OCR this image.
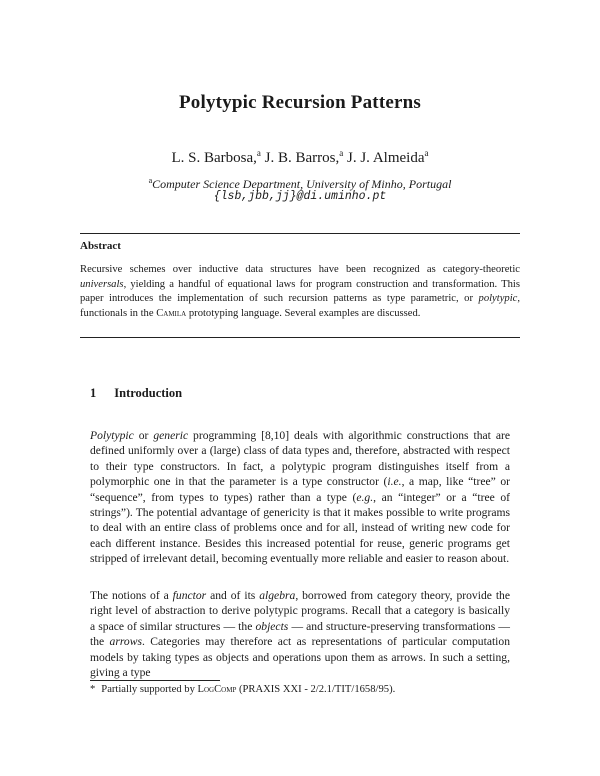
Polytypic Recursion Patterns
L. S. Barbosa,$^a$ J. B. Barros,$^a$ J. J. Almeida$^a$
$^a$Computer Science Department, University of Minho, Portugal
{lsb,jbb,jj}@di.uminho.pt
Abstract
Recursive schemes over inductive data structures have been recognized as category-theoretic universals, yielding a handful of equational laws for program construction and transformation. This paper introduces the implementation of such recursion patterns as type parametric, or polytypic, functionals in the Camila prototyping language. Several examples are discussed.
1 Introduction
Polytypic or generic programming [8,10] deals with algorithmic constructions that are defined uniformly over a (large) class of data types and, therefore, abstracted with respect to their type constructors. In fact, a polytypic program distinguishes itself from a polymorphic one in that the parameter is a type constructor (i.e., a map, like “tree” or “sequence”, from types to types) rather than a type (e.g., an “integer” or a “tree of strings”). The potential advantage of genericity is that it makes possible to write programs to deal with an entire class of problems once and for all, instead of writing new code for each different instance. Besides this increased potential for reuse, generic programs get stripped of irrelevant detail, becoming eventually more reliable and easier to reason about.
The notions of a functor and of its algebra, borrowed from category theory, provide the right level of abstraction to derive polytypic programs. Recall that a category is basically a space of similar structures — the objects — and structure-preserving transformations — the arrows. Categories may therefore act as representations of particular computation models by taking types as objects and operations upon them as arrows. In such a setting, giving a type
* Partially supported by LogComp (PRAXIS XXI - 2/2.1/TIT/1658/95).
